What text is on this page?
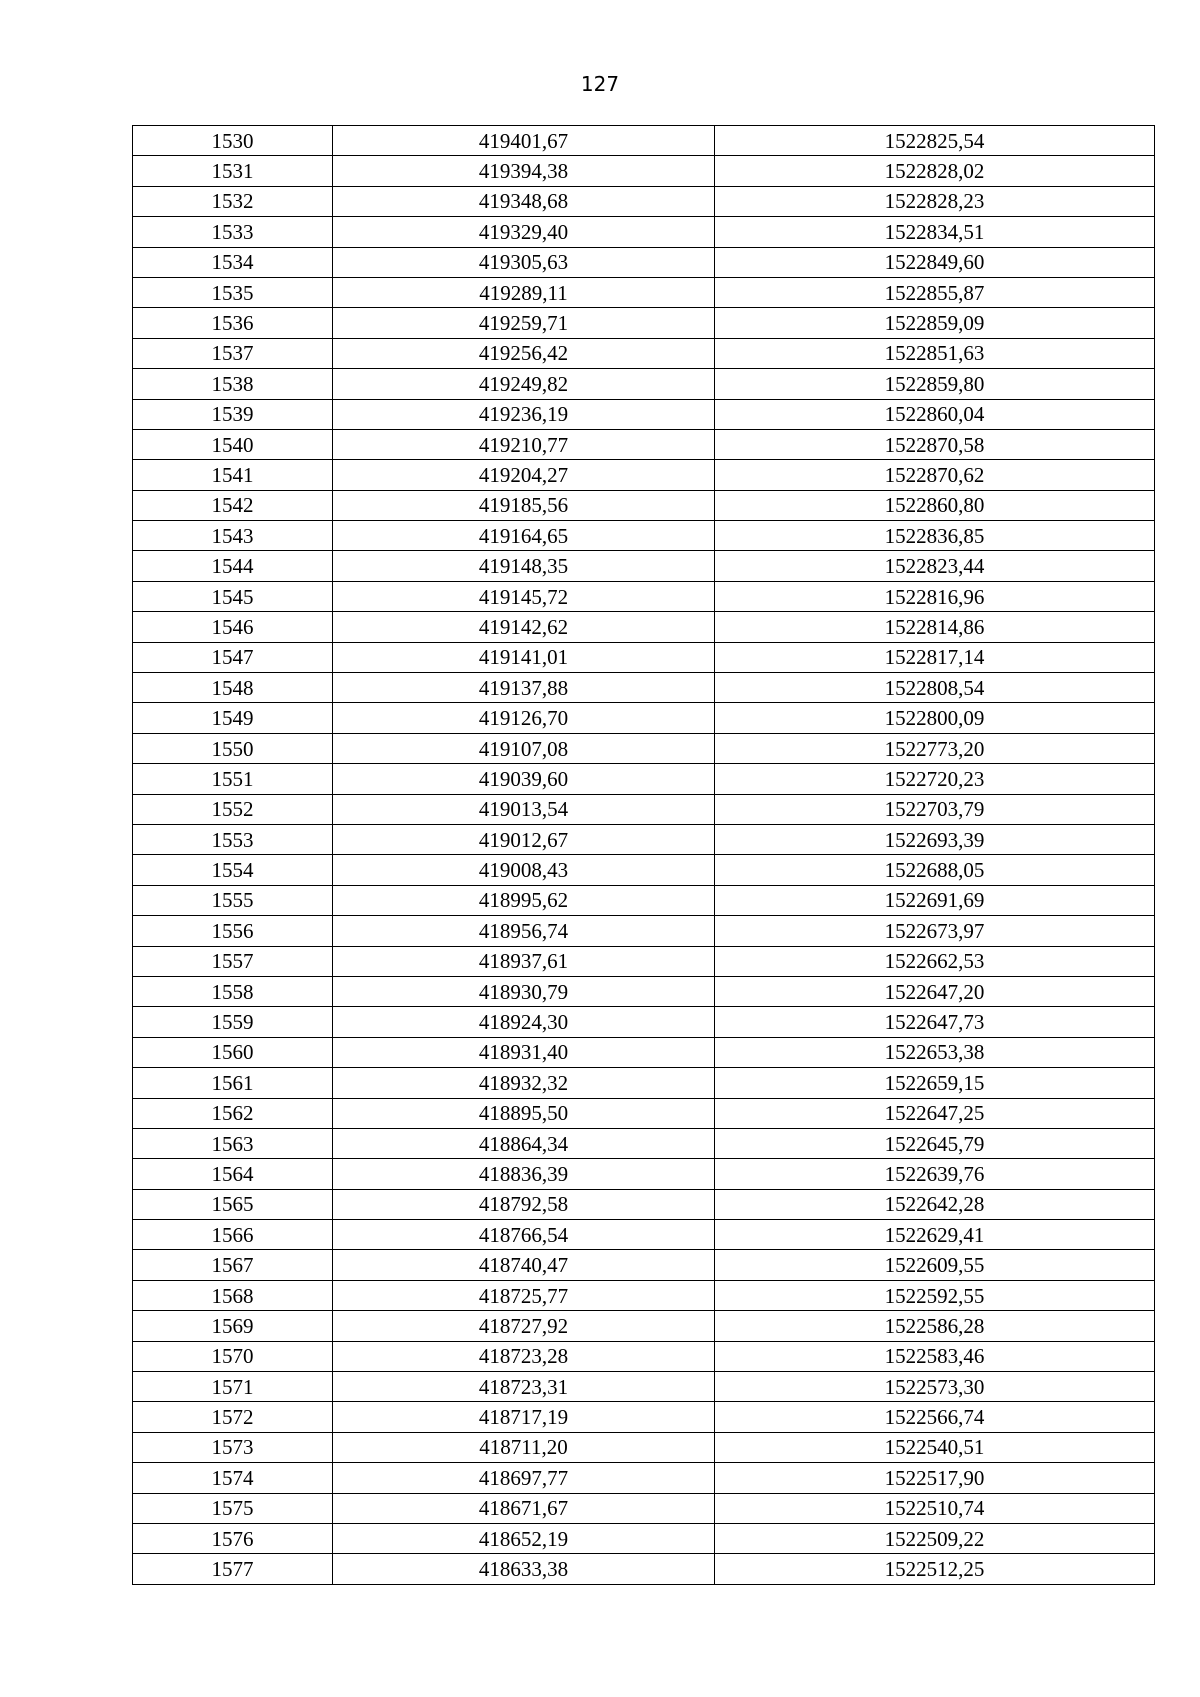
127
1530	419401,67	1522825,54
1531	419394,38	1522828,02
1532	419348,68	1522828,23
1533	419329,40	1522834,51
1534	419305,63	1522849,60
1535	419289,11	1522855,87
1536	419259,71	1522859,09
1537	419256,42	1522851,63
1538	419249,82	1522859,80
1539	419236,19	1522860,04
1540	419210,77	1522870,58
1541	419204,27	1522870,62
1542	419185,56	1522860,80
1543	419164,65	1522836,85
1544	419148,35	1522823,44
1545	419145,72	1522816,96
1546	419142,62	1522814,86
1547	419141,01	1522817,14
1548	419137,88	1522808,54
1549	419126,70	1522800,09
1550	419107,08	1522773,20
1551	419039,60	1522720,23
1552	419013,54	1522703,79
1553	419012,67	1522693,39
1554	419008,43	1522688,05
1555	418995,62	1522691,69
1556	418956,74	1522673,97
1557	418937,61	1522662,53
1558	418930,79	1522647,20
1559	418924,30	1522647,73
1560	418931,40	1522653,38
1561	418932,32	1522659,15
1562	418895,50	1522647,25
1563	418864,34	1522645,79
1564	418836,39	1522639,76
1565	418792,58	1522642,28
1566	418766,54	1522629,41
1567	418740,47	1522609,55
1568	418725,77	1522592,55
1569	418727,92	1522586,28
1570	418723,28	1522583,46
1571	418723,31	1522573,30
1572	418717,19	1522566,74
1573	418711,20	1522540,51
1574	418697,77	1522517,90
1575	418671,67	1522510,74
1576	418652,19	1522509,22
1577	418633,38	1522512,25
